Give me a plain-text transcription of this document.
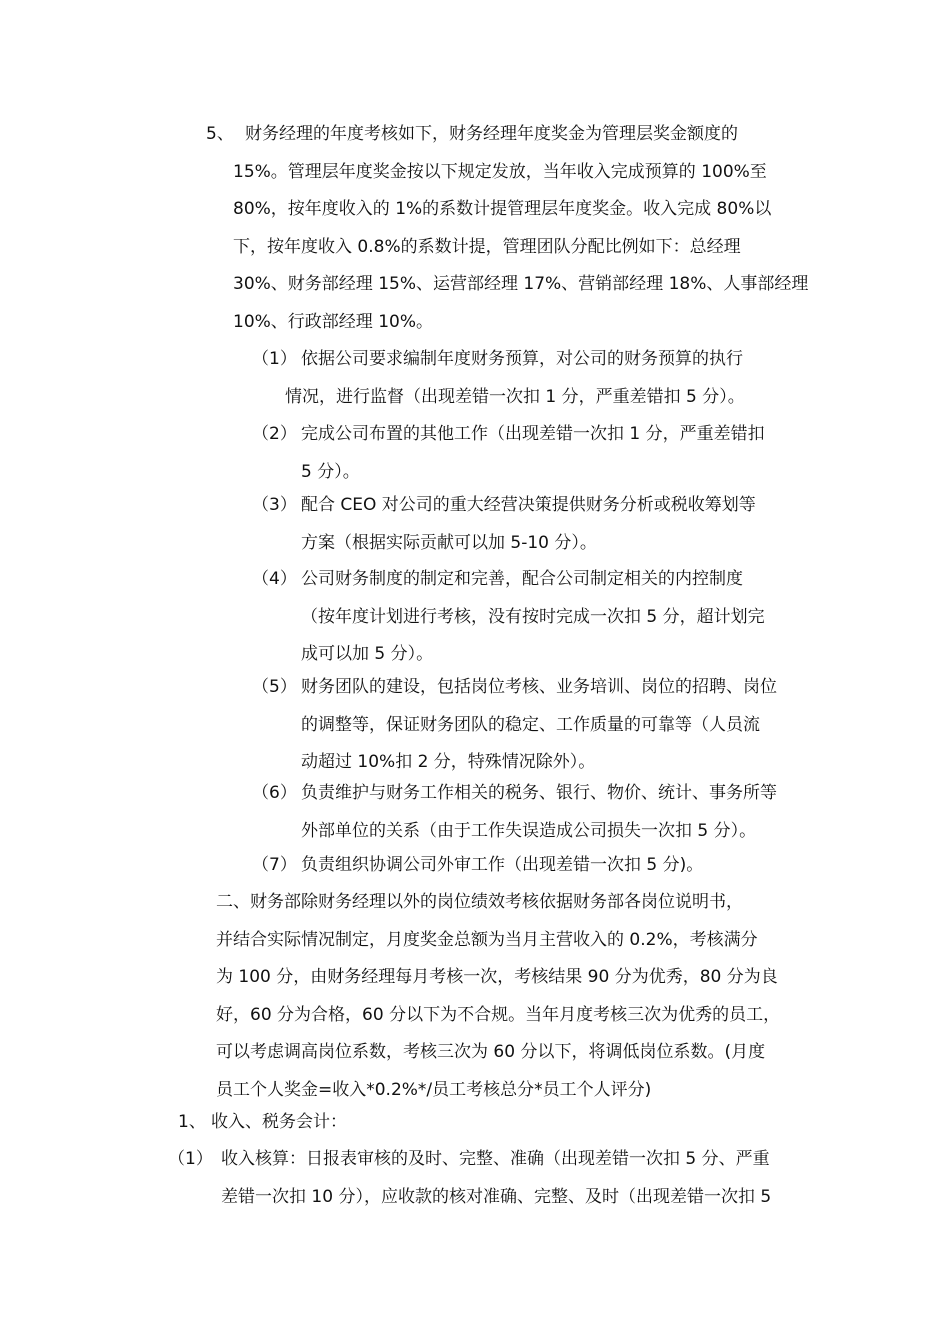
5、 财务经理的年度考核如下，财务经理年度奖金为管理层奖金额度的
15%。管理层年度奖金按以下规定发放，当年收入完成预算的 100%至
80%，按年度收入的 1%的系数计提管理层年度奖金。收入完成 80%以
下，按年度收入 0.8%的系数计提，管理团队分配比例如下：总经理
30%、财务部经理 15%、运营部经理 17%、营销部经理 18%、人事部经理
10%、行政部经理 10%。
（1） 依据公司要求编制年度财务预算，对公司的财务预算的执行
情况，进行监督（出现差错一次扣 1 分，严重差错扣 5 分）。
（2） 完成公司布置的其他工作（出现差错一次扣 1 分，严重差错扣
5 分）。
（3） 配合 CEO 对公司的重大经营决策提供财务分析或税收筹划等
方案（根据实际贡献可以加 5-10 分）。
（4） 公司财务制度的制定和完善，配合公司制定相关的内控制度
（按年度计划进行考核，没有按时完成一次扣 5 分，超计划完
成可以加 5 分）。
（5） 财务团队的建设，包括岗位考核、业务培训、岗位的招聘、岗位
的调整等，保证财务团队的稳定、工作质量的可靠等（人员流
动超过 10%扣 2 分，特殊情况除外）。
（6） 负责维护与财务工作相关的税务、银行、物价、统计、事务所等
外部单位的关系（由于工作失误造成公司损失一次扣 5 分）。
（7） 负责组织协调公司外审工作（出现差错一次扣 5 分)。
二、财务部除财务经理以外的岗位绩效考核依据财务部各岗位说明书，
并结合实际情况制定，月度奖金总额为当月主营收入的 0.2%，考核满分
为 100 分，由财务经理每月考核一次，考核结果 90 分为优秀，80 分为良
好，60 分为合格，60 分以下为不合规。当年月度考核三次为优秀的员工，
可以考虑调高岗位系数，考核三次为 60 分以下，将调低岗位系数。(月度
员工个人奖金=收入*0.2%*/员工考核总分*员工个人评分)
1、 收入、税务会计：
（1） 收入核算：日报表审核的及时、完整、准确（出现差错一次扣 5 分、严重
差错一次扣 10 分），应收款的核对准确、完整、及时（出现差错一次扣 5
